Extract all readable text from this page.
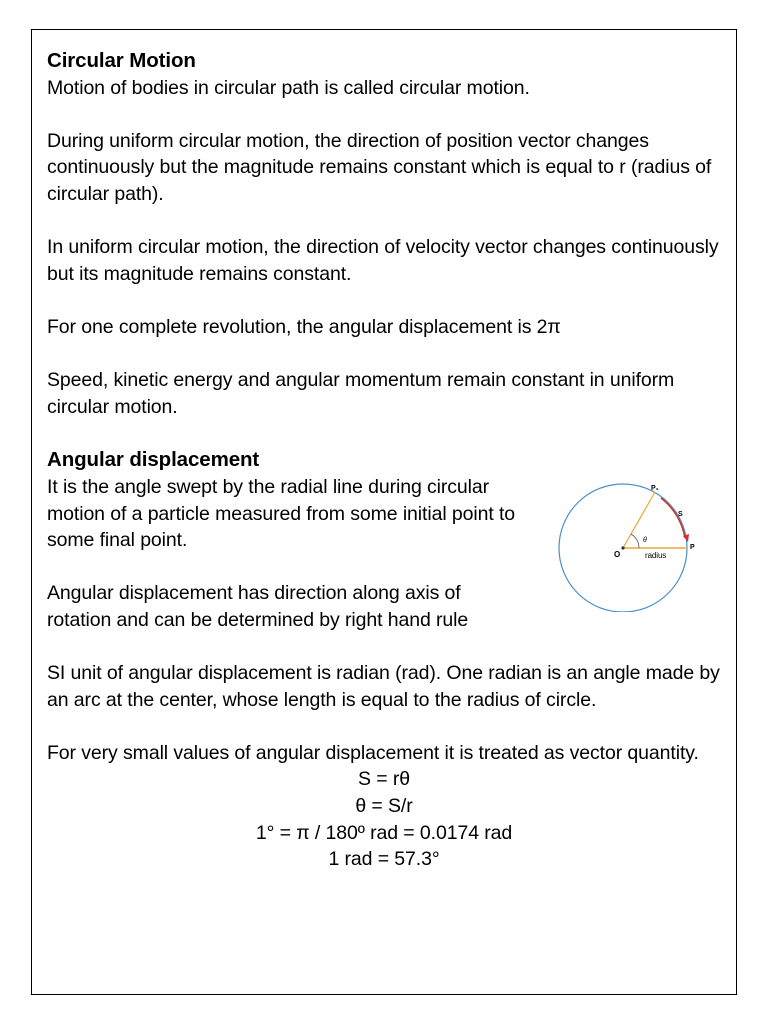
Circular Motion

Motion of bodies in circular path is called circular motion.

During uniform circular motion, the direction of position vector changes continuously but the magnitude remains constant which is equal to r (radius of circular path).

In uniform circular motion, the direction of velocity vector changes continuously but its magnitude remains constant.

For one complete revolution, the angular displacement is 2π

Speed, kinetic energy and angular momentum remain constant in uniform circular motion.

Angular displacement

It is the angle swept by the radial line during circular motion of a particle measured from some initial point to some final point.

Angular displacement has direction along axis of rotation and can be determined by right hand rule

O
P
P₁
S
θ
radius

SI unit of angular displacement is radian (rad). One radian is an angle made by an arc at the center, whose length is equal to the radius of circle.

For very small values of angular displacement it is treated as vector quantity.

S = rθ

θ = S/r

1° = π / 180º rad = 0.0174 rad

1 rad = 57.3°
